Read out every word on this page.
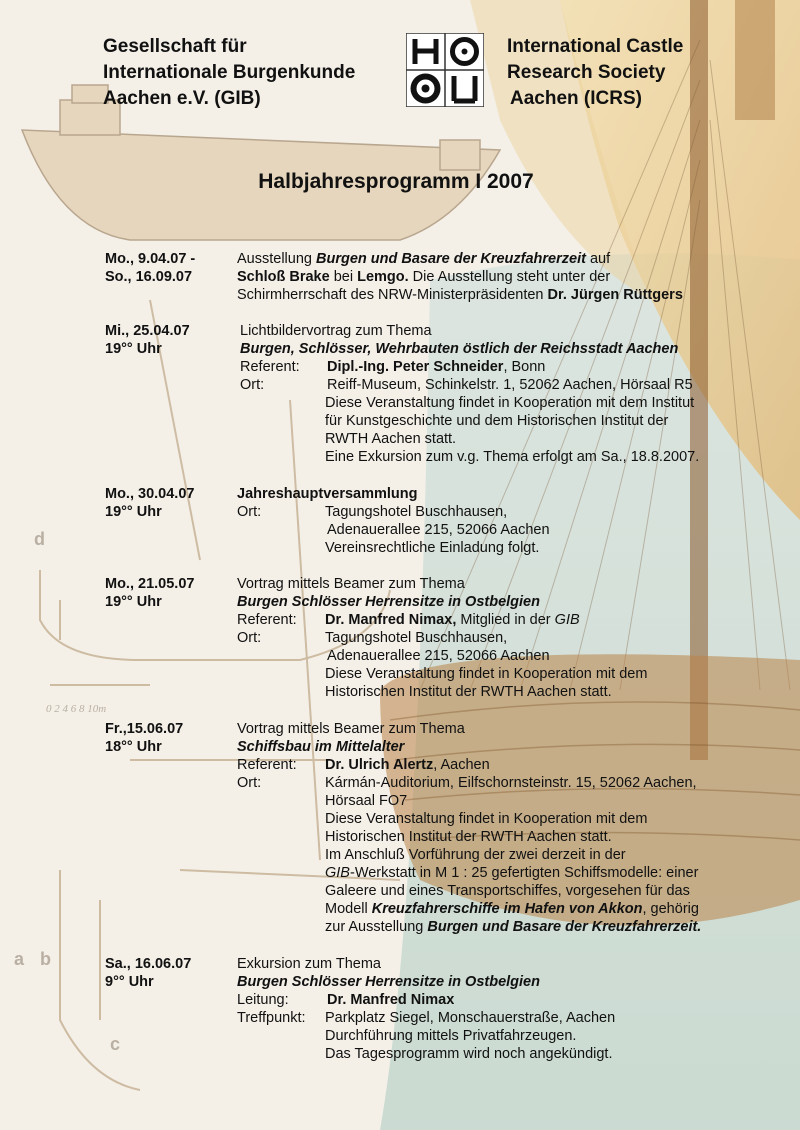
d
a b
c
0 2 4 6 8 10m
Gesellschaft für
Internationale Burgenkunde
Aachen e.V. (GIB)
International Castle
Research Society
Aachen (ICRS)
Halbjahresprogramm I 2007
Mo., 9.04.07 -
So., 16.09.07
Ausstellung Burgen und Basare der Kreuzfahrerzeit auf
Schloß Brake bei Lemgo. Die Ausstellung steht unter der
Schirmherrschaft des NRW-Ministerpräsidenten Dr. Jürgen Rüttgers
Mi., 25.04.07
19°° Uhr
Lichtbildervortrag zum Thema
Burgen, Schlösser, Wehrbauten östlich der Reichsstadt Aachen
Referent: Dipl.-Ing. Peter Schneider, Bonn
Ort:	Reiff-Museum, Schinkelstr. 1, 52062 Aachen, Hörsaal R5
Diese Veranstaltung findet in Kooperation mit dem Institut
für Kunstgeschichte und dem Historischen Institut der
RWTH Aachen statt.
Eine Exkursion zum v.g. Thema erfolgt am Sa., 18.8.2007.
Mo., 30.04.07
19°° Uhr
Jahreshauptversammlung
Ort:	Tagungshotel Buschhausen,
Adenauerallee 215, 52066 Aachen
Vereinsrechtliche Einladung folgt.
Mo., 21.05.07
19°° Uhr
Vortrag mittels Beamer zum Thema
Burgen Schlösser Herrensitze in Ostbelgien
Referent: Dr. Manfred Nimax, Mitglied in der GIB
Ort:	Tagungshotel Buschhausen,
Adenauerallee 215, 52066 Aachen
Diese Veranstaltung findet in Kooperation mit dem
Historischen Institut der RWTH Aachen statt.
Fr.,15.06.07
18°° Uhr
Vortrag mittels Beamer zum Thema
Schiffsbau im Mittelalter
Referent: Dr. Ulrich Alertz, Aachen
Ort:	Kármán-Auditorium, Eilfschornsteinstr. 15, 52062 Aachen,
Hörsaal FO7
Diese Veranstaltung findet in Kooperation mit dem
Historischen Institut der RWTH Aachen statt.
Im Anschluß Vorführung der zwei derzeit in der
GIB-Werkstatt in M 1 : 25 gefertigten Schiffsmodelle: einer
Galeere und eines Transportschiffes, vorgesehen für das
Modell Kreuzfahrerschiffe im Hafen von Akkon, gehörig
zur Ausstellung Burgen und Basare der Kreuzfahrerzeit.
Sa., 16.06.07
9°° Uhr
Exkursion zum Thema
Burgen Schlösser Herrensitze in Ostbelgien
Leitung:	Dr. Manfred Nimax
Treffpunkt: Parkplatz Siegel, Monschauerstraße, Aachen
Durchführung mittels Privatfahrzeugen.
Das Tagesprogramm wird noch angekündigt.
